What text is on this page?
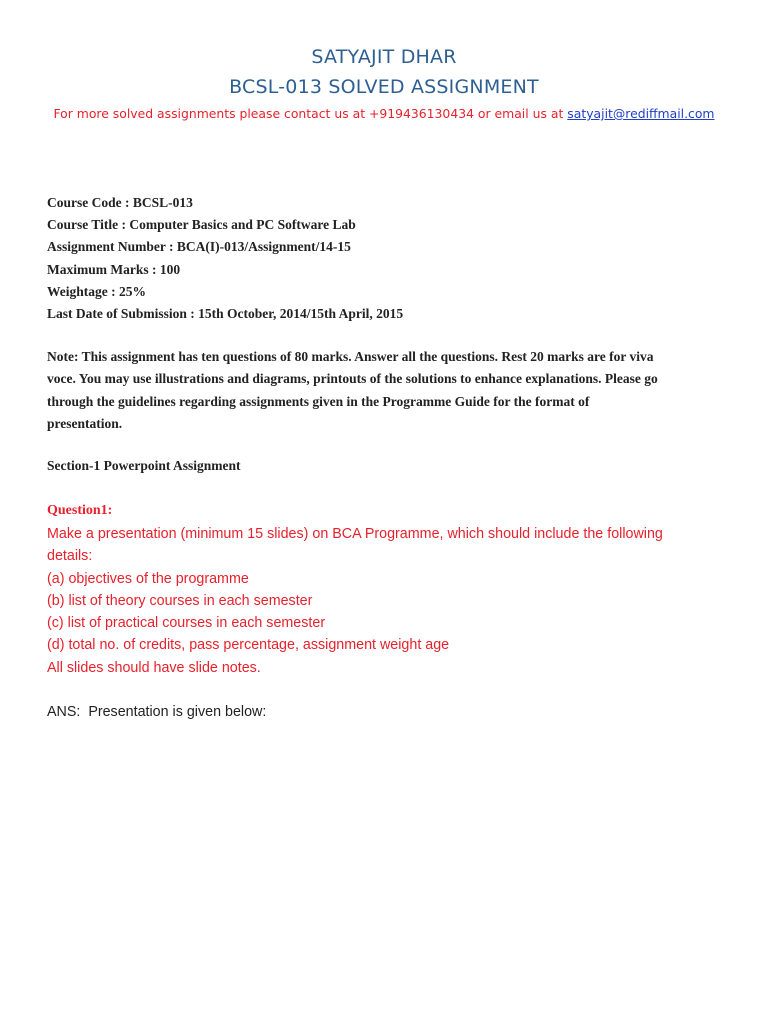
SATYAJIT DHAR
BCSL-013 SOLVED ASSIGNMENT
For more solved assignments please contact us at +919436130434 or email us at satyajit@rediffmail.com
Course Code : BCSL-013
Course Title : Computer Basics and PC Software Lab
Assignment Number : BCA(I)-013/Assignment/14-15
Maximum Marks : 100
Weightage : 25%
Last Date of Submission : 15th October, 2014/15th April, 2015
Note: This assignment has ten questions of 80 marks. Answer all the questions. Rest 20 marks are for viva
voce. You may use illustrations and diagrams, printouts of the solutions to enhance explanations. Please go
through the guidelines regarding assignments given in the Programme Guide for the format of
presentation.
Section-1 Powerpoint Assignment
Question1:
Make a presentation (minimum 15 slides) on BCA Programme, which should include the following
details:
(a) objectives of the programme
(b) list of theory courses in each semester
(c) list of practical courses in each semester
(d) total no. of credits, pass percentage, assignment weight age
All slides should have slide notes.
ANS:  Presentation is given below:
